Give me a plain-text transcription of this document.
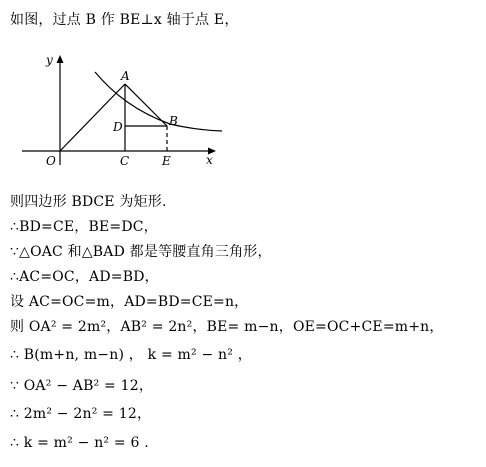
如图，过点 B 作 BE⊥x 轴于点 E，
y
x
O
A
B
C
D
E
则四边形 BDCE 为矩形.
∴BD=CE，BE=DC，
∵△OAC 和△BAD 都是等腰直角三角形，
∴AC=OC，AD=BD，
设 AC=OC=m，AD=BD=CE=n，
则 OA² = 2m²，AB² = 2n²，BE= m−n，OE=OC+CE=m+n，
∴ B(m+n, m−n) ， k = m² − n² ，
∵ OA² − AB² = 12，
∴ 2m² − 2n² = 12，
∴ k = m² − n² = 6 .
